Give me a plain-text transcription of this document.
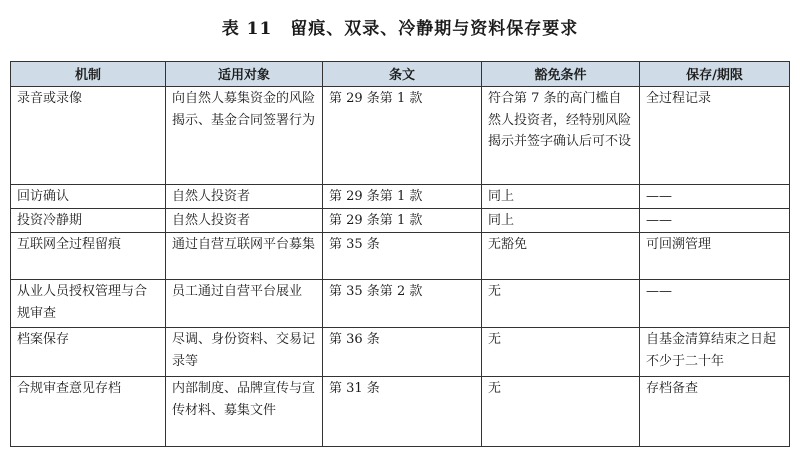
表 11　留痕、双录、冷静期与资料保存要求
机制	适用对象	条文	豁免条件	保存/期限
录音或录像	向自然人募集资金的风险揭示、基金合同签署行为	第 29 条第 1 款	符合第 7 条的高门槛自然人投资者，经特别风险揭示并签字确认后可不设	全过程记录
回访确认	自然人投资者	第 29 条第 1 款	同上	——
投资冷静期	自然人投资者	第 29 条第 1 款	同上	——
互联网全过程留痕	通过自营互联网平台募集	第 35 条	无豁免	可回溯管理
从业人员授权管理与合规审查	员工通过自营平台展业	第 35 条第 2 款	无	——
档案保存	尽调、身份资料、交易记录等	第 36 条	无	自基金清算结束之日起不少于二十年
合规审查意见存档	内部制度、品牌宣传与宣传材料、募集文件	第 31 条	无	存档备查
